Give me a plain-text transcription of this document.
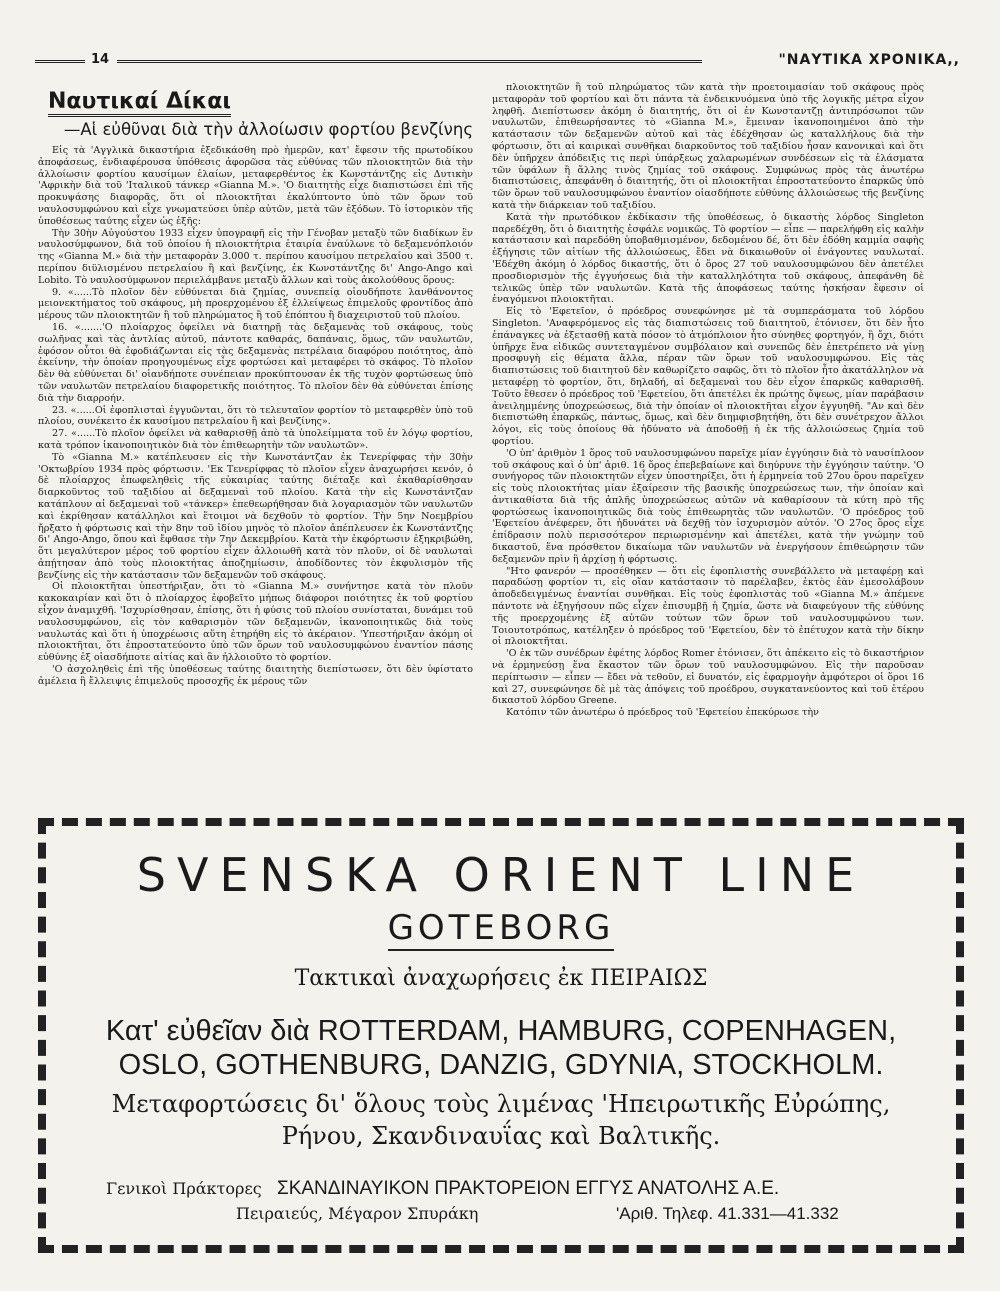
14	"ΝΑΥΤΙΚΑ ΧΡΟΝΙΚΑ,,
Ναυτικαί Δίκαι
—Αἱ εὐθῦναι διὰ τὴν ἀλλοίωσιν φορτίου βενζίνης

Εἰς τὰ 'Αγγλικὰ δικαστήρια ἐξεδικάσθη πρὸ ἡμερῶν, κατ' ἔφεσιν τῆς πρωτοδίκου ἀποφάσεως, ἐνδιαφέρουσα ὑπόθεσις ἀφορῶσα τὰς εὐθύνας τῶν πλοιοκτητῶν διὰ τὴν ἀλλοίωσιν φορτίου καυσίμων ἐλαίων, μεταφερθέντος ἐκ Κωνστάντζης εἰς Δυτικὴν 'Αφρικὴν διὰ τοῦ 'Ιταλικοῦ τάνκερ «Gianna M.». 'Ο διαιτητὴς εἶχε διαπιστώσει ἐπὶ τῆς προκυψάσης διαφορᾶς, ὅτι οἱ πλοιοκτῆται ἐκαλύπτοντο ὑπὸ τῶν ὅρων τοῦ ναυλοσυμφώνου καὶ εἶχε γνωματεύσει ὑπὲρ αὐτῶν, μετὰ τῶν ἐξόδων. Τὸ ἱστορικὸν τῆς ὑποθέσεως ταύτης εἶχεν ὡς ἑξῆς:

Τὴν 30ὴν Αὐγούστου 1933 εἶχεν ὑπογραφῆ εἰς τὴν Γένοβαν μεταξὺ τῶν διαδίκων ἓν ναυλοσύμφωνον, διὰ τοῦ ὁποίου ἡ πλοιοκτήτρια ἑταιρία ἐναύλωνε τὸ δεξαμενόπλοιόν της «Gianna M.» διὰ τὴν μεταφορὰν 3.000 τ. περίπου καυσίμου πετρελαίου καὶ 3500 τ. περίπου διϋλισμένου πετρελαίου ἢ καὶ βενζίνης, ἐκ Κωνστάντζης δι' Ango-Ango καὶ Lobito. Τὸ ναυλοσύμφωνον περιελάμβανε μεταξὺ ἄλλων καὶ τοὺς ἀκολούθους ὅρους:

9. «......Τὸ πλοῖον δὲν εὐθύνεται διὰ ζημίας, συνεπείᾳ οἱουδήποτε λανθάνοντος μειονεκτήματος τοῦ σκάφους, μὴ προερχομένου ἐξ ἐλλείψεως ἐπιμελοῦς φροντίδος ἀπὸ μέρους τῶν πλοιοκτητῶν ἢ τοῦ πληρώματος ἢ τοῦ ἐπόπτου ἢ διαχειριστοῦ τοῦ πλοίου.

16. «.......'Ο πλοίαρχος ὀφείλει νὰ διατηρῇ τὰς δεξαμενὰς τοῦ σκάφους, τοὺς σωλῆνας καὶ τὰς ἀντλίας αὐτοῦ, πάντοτε καθαράς, δαπάναις, ὅμως, τῶν ναυλωτῶν, ἐφόσον οὗτοι θὰ ἐφοδιάζωνται εἰς τὰς δεξαμενὰς πετρέλαια διαφόρου ποιότητος, ἀπὸ ἐκείνην, τὴν ὁποίαν προηγουμένως εἶχε φορτώσει καὶ μεταφέρει τὸ σκάφος. Τὸ πλοῖον δὲν θὰ εὐθύνεται δι' οἱανδήποτε συνέπειαν προκύπτουσαν ἐκ τῆς τυχὸν φορτώσεως ὑπὸ τῶν ναυλωτῶν πετρελαίου διαφορετικῆς ποιότητος. Τὸ πλοῖον δὲν θὰ εὐθύνεται ἐπίσης διὰ τὴν διαρροήν.

23. «......Οἱ ἐφοπλισταὶ ἐγγυῶνται, ὅτι τὸ τελευταῖον φορτίον τὸ μεταφερθὲν ὑπὸ τοῦ πλοίου, συνέκειτο ἐκ καυσίμου πετρελαίου ἢ καὶ βενζίνης».

27. «......Τὸ πλοῖον ὀφείλει νὰ καθαρισθῇ ἀπὸ τὰ ὑπολείμματα τοῦ ἐν λόγῳ φορτίου, κατὰ τρόπον ἱκανοποιητικὸν διὰ τὸν ἐπιθεωρητὴν τῶν ναυλωτῶν».

Τὸ «Gianna M.» κατέπλευσεν εἰς τὴν Κωνστάντζαν ἐκ Τενερίφφας τὴν 30ὴν 'Οκτωβρίου 1934 πρὸς φόρτωσιν. 'Εκ Τενερίφφας τὸ πλοῖον εἶχεν ἀναχωρήσει κενόν, ὁ δὲ πλοίαρχος ἐπωφεληθεὶς τῆς εὐκαιρίας ταύτης διέταξε καὶ ἐκαθαρίσθησαν διαρκοῦντος τοῦ ταξιδίου αἱ δεξαμεναὶ τοῦ πλοίου. Κατὰ τὴν εἰς Κωνστάντζαν κατάπλουν αἱ δεξαμεναὶ τοῦ «τάνκερ» ἐπεθεωρήθησαν διὰ λογαριασμὸν τῶν ναυλωτῶν καὶ ἐκρίθησαν κατάλληλοι καὶ ἕτοιμοι νὰ δεχθοῦν τὸ φορτίον. Τὴν 5ην Νοεμβρίου ἤρξατο ἡ φόρτωσις καὶ τὴν 8ην τοῦ ἰδίου μηνὸς τὸ πλοῖον ἀπέπλευσεν ἐκ Κωνστάντζης δι' Ango-Ango, ὅπου καὶ ἔφθασε τὴν 7ην Δεκεμβρίου. Κατὰ τὴν ἐκφόρτωσιν ἐξηκριβώθη, ὅτι μεγαλύτερον μέρος τοῦ φορτίου εἶχεν ἀλλοιωθῆ κατὰ τὸν πλοῦν, οἱ δὲ ναυλωταὶ ἀπῄτησαν ἀπὸ τοὺς πλοιοκτήτας ἀποζημίωσιν, ἀποδίδοντες τὸν ἐκφυλισμὸν τῆς βενζίνης εἰς τὴν κατάστασιν τῶν δεξαμενῶν τοῦ σκάφους.

Οἱ πλοιοκτῆται ὑπεστήριξαν, ὅτι τὸ «Gianna M.» συνήντησε κατὰ τὸν πλοῦν κακοκαιρίαν καὶ ὅτι ὁ πλοίαρχος ἐφοβεῖτο μήπως διάφοροι ποιότητες ἐκ τοῦ φορτίου εἶχον ἀναμιχθῆ. 'Ισχυρίσθησαν, ἐπίσης, ὅτι ἡ φύσις τοῦ πλοίου συνίσταται, δυνάμει τοῦ ναυλοσυμφώνου, εἰς τὸν καθαρισμὸν τῶν δεξαμενῶν, ἱκανοποιητικῶς διὰ τοὺς ναυλωτάς καὶ ὅτι ἡ ὑποχρέωσις αὕτη ἐτηρήθη εἰς τὸ ἀκέραιον. 'Υπεστήριξαν ἀκόμη οἱ πλοιοκτῆται, ὅτι ἐπροστατεύοντο ὑπὸ τῶν ὅρων τοῦ ναυλοσυμφώνου ἐναντίον πάσης εὐθύνης ἐξ οἱασδήποτε αἰτίας καὶ ἂν ἠλλοιοῦτο τὸ φορτίον.

'Ο ἀσχοληθεὶς ἐπὶ τῆς ὑποθέσεως ταύτης διαιτητὴς διεπίστωσεν, ὅτι δὲν ὑφίστατο ἀμέλεια ἢ ἔλλειψις ἐπιμελοῦς προσοχῆς ἐκ μέρους τῶν

πλοιοκτητῶν ἢ τοῦ πληρώματος τῶν κατὰ τὴν προετοιμασίαν τοῦ σκάφους πρὸς μεταφορὰν τοῦ φορτίου καὶ ὅτι πάντα τὰ ἐνδεικνυόμενα ὑπὸ τῆς λογικῆς μέτρα εἶχον ληφθῆ. Διεπίστωσεν ἀκόμη ὁ διαιτητής, ὅτι οἱ ἐν Κωνσταντζῃ ἀντιπρόσωποι τῶν ναυλωτῶν, ἐπιθεωρήσαντες τὸ «Gianna M.», ἔμειναν ἱκανοποιημένοι ἀπὸ τὴν κατάστασιν τῶν δεξαμενῶν αὐτοῦ καὶ τὰς ἐδέχθησαν ὡς καταλλήλους διὰ τὴν φόρτωσιν, ὅτι αἱ καιρικαὶ συνθῆκαι διαρκοῦντος τοῦ ταξιδίου ἦσαν κανονικαὶ καὶ ὅτι δὲν ὑπῆρχεν ἀπόδειξις τις περὶ ὑπάρξεως χαλαρωμένων συνδέσεων εἰς τὰ ἐλάσματα τῶν ὑφάλων ἢ ἄλλης τινὸς ζημίας τοῦ σκάφους. Συμφώνως πρὸς τὰς ἀνωτέρω διαπιστώσεις, ἀπεφάνθη ὁ διαιτητής, ὅτι οἱ πλοιοκτῆται ἐπροστατεύοντο ἐπαρκῶς ὑπὸ τῶν ὅρων τοῦ ναυλοσυμφώνου ἐναντίον οἱασδήποτε εὐθύνης ἀλλοιώσεως τῆς βενζίνης κατὰ τὴν διάρκειαν τοῦ ταξιδίου.

Κατὰ τὴν πρωτόδικον ἐκδίκασιν τῆς ὑποθέσεως, ὁ δικαστὴς λόρδος Singleton παρεδέχθη, ὅτι ὁ διαιτητὴς ἐσφάλε νομικῶς. Τὸ φορτίον — εἶπε — παρελήφθη εἰς καλὴν κατάστασιν καὶ παρεδόθη ὑποβαθμισμένον, δεδομένου δέ, ὅτι δὲν ἐδόθη καμμία σαφὴς ἐξήγησις τῶν αἰτίων τῆς ἀλλοιώσεως, ἔδει νὰ δικαιωθοῦν οἱ ἐνάγοντες ναυλωταί. 'Εδέχθη ἀκόμη ὁ λόρδος δικαστής, ὅτι ὁ ὅρος 27 τοῦ ναυλοσυμφώνου δὲν ἀπετέλει προσδιορισμὸν τῆς ἐγγυήσεως διὰ τὴν καταλληλότητα τοῦ σκάφους, ἀπεφάνθη δὲ τελικῶς ὑπὲρ τῶν ναυλωτῶν. Κατὰ τῆς ἀποφάσεως ταύτης ἠσκήσαν ἔφεσιν οἱ ἐναγόμενοι πλοιοκτῆται.

Εἰς τὸ 'Εφετεῖον, ὁ πρόεδρος συνεφώνησε μὲ τὰ συμπεράσματα τοῦ λόρδου Singleton. 'Αναφερόμενος εἰς τὰς διαπιστώσεις τοῦ διαιτητοῦ, ἐτόνισεν, ὅτι δὲν ἦτο ἐπάναγκες νὰ ἐξετασθῇ κατὰ πόσον τὸ ἀτμόπλοιον ἦτο σύνηθες φορτηγόν, ἢ ὄχι, διότι ὑπῆρχε ἕνα εἰδικῶς συντεταγμένον συμβόλαιον καὶ συνεπῶς δὲν ἐπετρέπετο νὰ γίνῃ προσφυγὴ εἰς θέματα ἄλλα, πέραν τῶν ὅρων τοῦ ναυλοσυμφώνου. Εἰς τὰς διαπιστώσεις τοῦ διαιτητοῦ δὲν καθωρίζετο σαφῶς, ὅτι τὸ πλοῖον ἦτο ἀκατάλληλον νὰ μεταφέρῃ τὸ φορτίον, ὅτι, δηλαδή, αἱ δεξαμεναὶ του δὲν εἶχον ἐπαρκῶς καθαρισθῆ. Τοῦτο ἔθεσεν ὁ πρόεδρος τοῦ 'Εφετείου, ὅτι ἀπετέλει ἐκ πρώτης ὄψεως, μίαν παράβασιν ἀνειλημμένης ὑποχρεώσεως, διὰ τὴν ὁποίαν οἱ πλοιοκτῆται εἶχον ἐγγυηθῆ. "Αν καὶ δὲν διεπιστώθη ἐπαρκῶς, πάντως, ὅμως, καὶ δὲν διημφισβητήθη, ὅτι δὲν συνέτρεχον ἄλλοι λόγοι, εἰς τοὺς ὁποίους θὰ ἠδύνατο νὰ ἀποδοθῇ ἡ ἐκ τῆς ἀλλοιώσεως ζημία τοῦ φορτίου.

'Ο ὑπ' ἀριθμὸν 1 ὅρος τοῦ ναυλοσυμφώνου παρεῖχε μίαν ἐγγύησιν διὰ τὸ ναυσίπλοον τοῦ σκάφους καὶ ὁ ὑπ' ἀριθ. 16 ὅρος ἐπεβεβαίωνε καὶ διηύρυνε τὴν ἐγγύησιν ταύτην. 'Ο συνήγορος τῶν πλοιοκτητῶν εἶχεν ὑποστηρίξει, ὅτι ἡ ἑρμηνεία τοῦ 27ου ὅρου παρεῖχεν εἰς τοὺς πλοιοκτήτας μίαν ἐξαίρεσιν τῆς βασικῆς ὑποχρεώσεως των, τὴν ὁποίαν καὶ ἀντικαθίστα διὰ τῆς ἁπλῆς ὑποχρεώσεως αὐτῶν νὰ καθαρίσουν τὰ κύτη πρὸ τῆς φορτώσεως ἱκανοποιητικῶς διὰ τοὺς ἐπιθεωρητὰς τῶν ναυλωτῶν. 'Ο πρόεδρος τοῦ 'Εφετείου ἀνέφερεν, ὅτι ἠδυνάτει νὰ δεχθῇ τὸν ἰσχυρισμὸν αὐτόν. 'Ο 27ος ὅρος εἶχε ἐπίδρασιν πολὺ περισσότερον περιωρισμένην καὶ ἀπετέλει, κατὰ τὴν γνώμην τοῦ δικαστοῦ, ἕνα πρόσθετον δικαίωμα τῶν ναυλωτῶν νὰ ἐνεργήσουν ἐπιθεώρησιν τῶν δεξαμενῶν πρὶν ἢ ἀρχίσῃ ἡ φόρτωσις.

"Ητο φανερόν — προσέθηκεν — ὅτι εἰς ἐφοπλιστὴς συνεβάλλετο νὰ μεταφέρῃ καὶ παραδώσῃ φορτίον τι, εἰς οἵαν κατάστασιν τὸ παρέλαβεν, ἐκτὸς ἐὰν ἐμεσολάβουν ἀποδεδειγμένως ἐναντίαι συνθῆκαι. Εἰς τοὺς ἐφοπλιστὰς τοῦ «Gianna M.» ἀπέμενε πάντοτε νὰ ἐξηγήσουν πῶς εἶχεν ἐπισυμβῇ ἡ ζημία, ὥστε νὰ διαφεύγουν τῆς εὐθύνης τῆς προερχομένης ἐξ αὐτῶν τούτων τῶν ὅρων τοῦ ναυλοσυμφώνου των. Τοιουτοτρόπως, κατέληξεν ὁ πρόεδρος τοῦ 'Εφετείου, δὲν τὸ ἐπέτυχον κατὰ τὴν δίκην οἱ πλοιοκτῆται.

'Ο ἐκ τῶν συνέδρων ἐφέτης λόρδος Romer ἐτόνισεν, ὅτι ἀπέκειτο εἰς τὸ δικαστήριον νὰ ἑρμηνεύσῃ ἕνα ἕκαστον τῶν ὅρων τοῦ ναυλοσυμφώνου. Εἰς τὴν παροῦσαν περίπτωσιν — εἶπεν — ἔδει νὰ τεθοῦν, εἰ δυνατόν, εἰς ἐφαρμογὴν ἀμφότεροι οἱ ὅροι 16 καὶ 27, συνεφώνησε δὲ μὲ τὰς ἀπόψεις τοῦ προέδρου, συγκατανεύοντος καὶ τοῦ ἑτέρου δικαστοῦ λόρδου Greene.

Κατόπιν τῶν ἀνωτέρω ὁ πρόεδρος τοῦ 'Εφετείου ἐπεκύρωσε τὴν

SVENSKA ORIENT LINE
GOTEBORG
Τακτικαὶ ἀναχωρήσεις ἐκ ΠΕΙΡΑΙΩΣ
Κατ' εὐθεῖαν διὰ ROTTERDAM, HAMBURG, COPENHAGEN,
OSLO, GOTHENBURG, DANZIG, GDYNIA, STOCKHOLM.
Μεταφορτώσεις δι' ὅλους τοὺς λιμένας 'Ηπειρωτικῆς Εὐρώπης,
Ρήνου, Σκανδιναυΐας καὶ Βαλτικῆς.
Γενικοὶ Πράκτορες ΣΚΑΝΔΙΝΑΥΙΚΟΝ ΠΡΑΚΤΟΡΕΙΟΝ ΕΓΓΥΣ ΑΝΑΤΟΛΗΣ Α.Ε.
Πειραιεύς, Μέγαρον Σπυράκη	'Αριθ. Τηλεφ. 41.331—41.332
